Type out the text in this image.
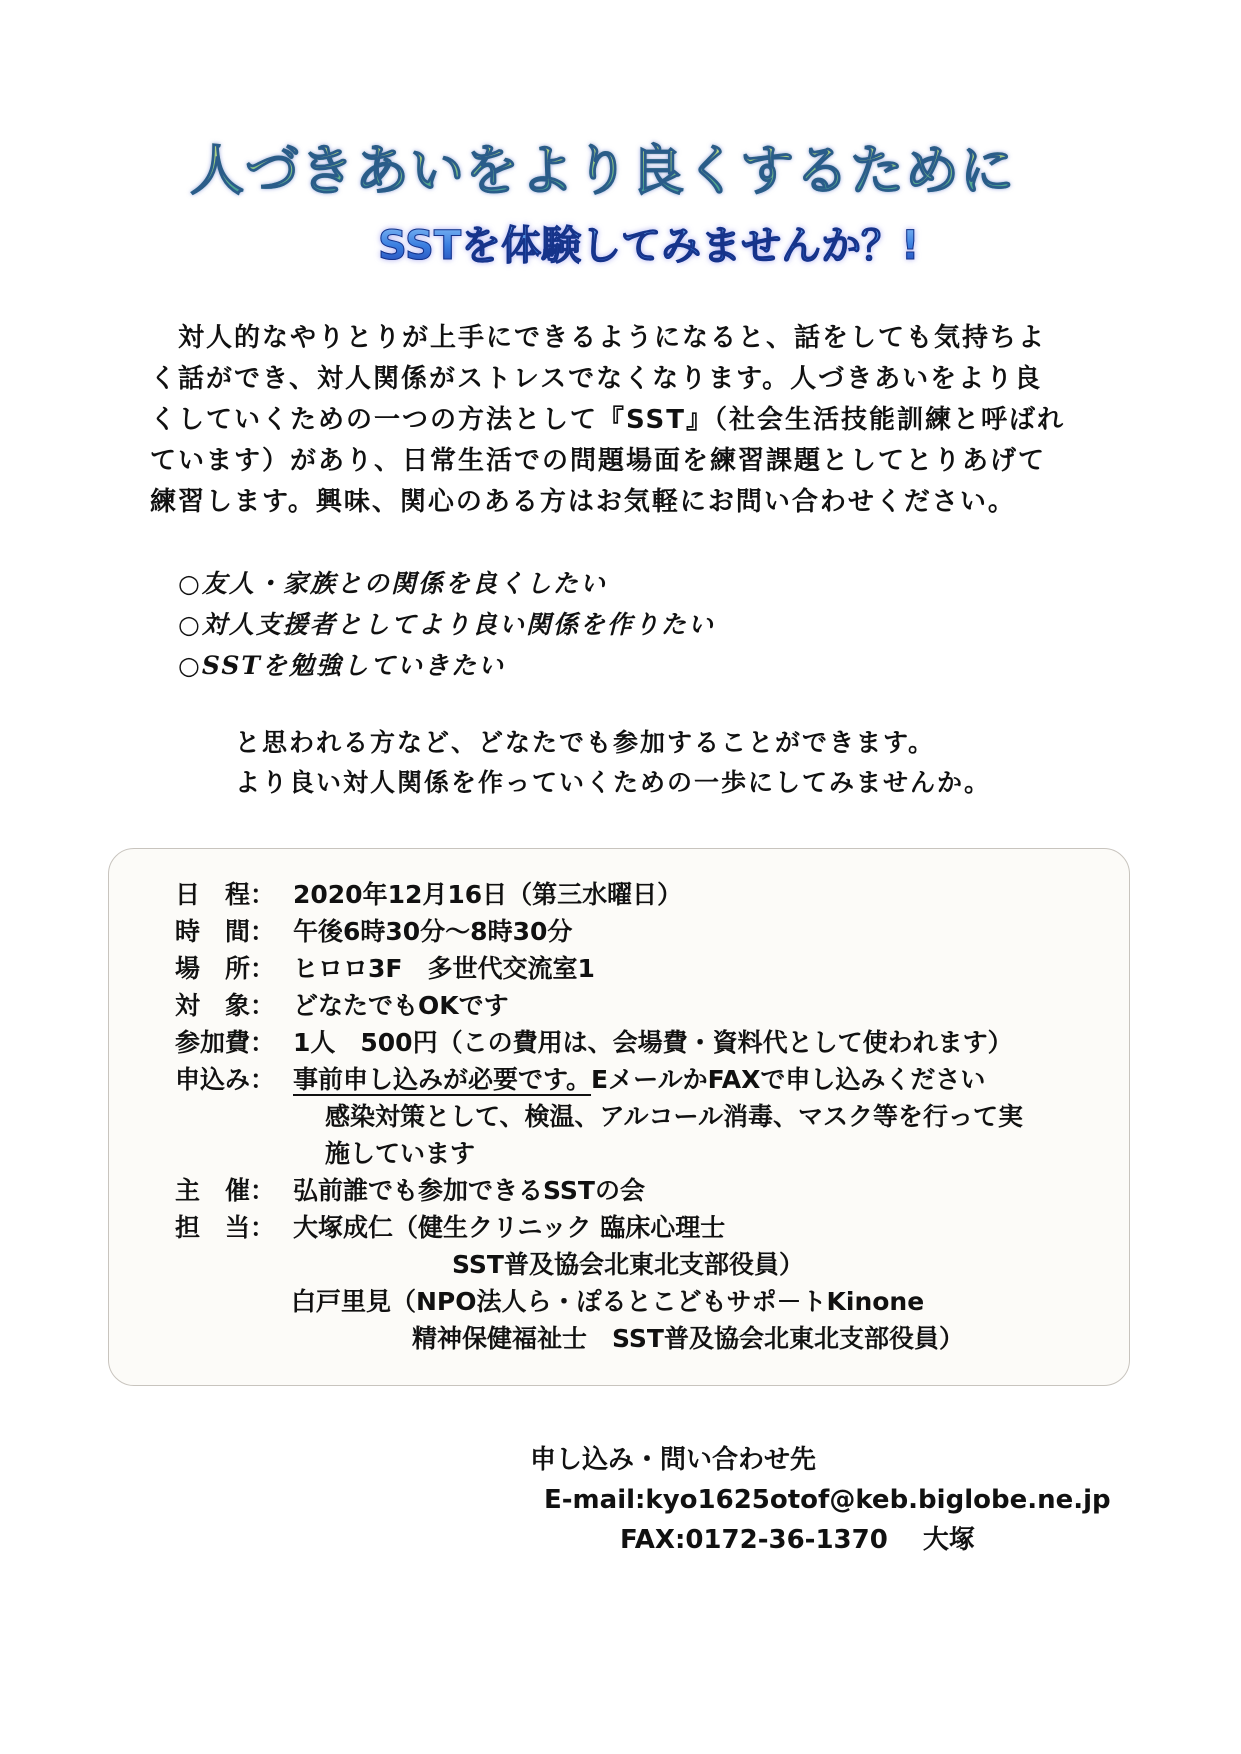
人づきあいをより良くするために
SSTを体験してみませんか？!

　対人的なやりとりが上手にできるようになると、話をしても気持ちよ

く話ができ、対人関係がストレスでなくなります。人づきあいをより良

くしていくための一つの方法として『SST』（社会生活技能訓練と呼ばれ

ています）があり、日常生活での問題場面を練習課題としてとりあげて

練習します。興味、関心のある方はお気軽にお問い合わせください。

○友人・家族との関係を良くしたい
○対人支援者としてより良い関係を作りたい
○SSTを勉強していきたい
と思われる方など、どなたでも参加することができます。
より良い対人関係を作っていくための一歩にしてみませんか。
日　程： 2020年12月16日（第三水曜日）
時　間： 午後6時30分～8時30分
場　所： ヒロロ3F　多世代交流室1
対　象： どなたでもOKです
参加費： 1人　500円（この費用は、会場費・資料代として使われます）
申込み： 事前申し込みが必要です。EメールかFAXで申し込みください
感染対策として、検温、アルコール消毒、マスク等を行って実
施しています
主　催： 弘前誰でも参加できるSSTの会
担　当： 大塚成仁（健生クリニック 臨床心理士
SST普及協会北東北支部役員）
白戸里見（NPO法人ら・ぽるとこどもサポ－トKinone
精神保健福祉士　SST普及協会北東北支部役員）
申し込み・問い合わせ先
E-mail:kyo1625otof@keb.biglobe.ne.jp
FAX:0172-36-1370　 大塚
